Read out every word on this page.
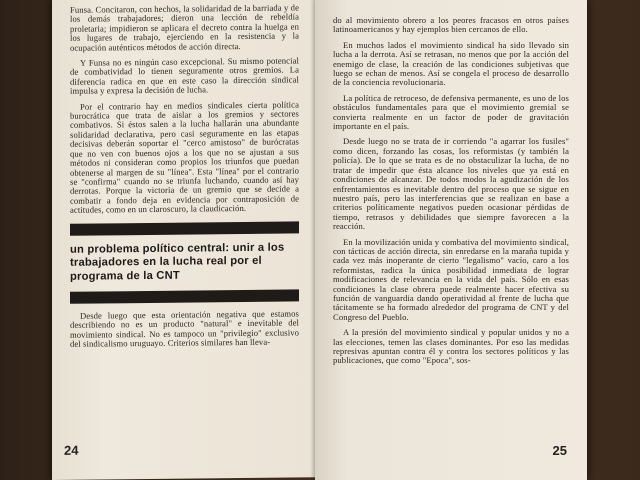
Funsa. Concitaron, con hechos, la solidaridad de la barriada y de los demás trabajadores; dieron una lección de rebeldía proletaria; impidieron se aplicara el decreto contra la huelga en los lugares de trabajo, ejerciendo en la resistencia y la ocupación auténticos métodos de acción directa.

Y Funsa no es ningún caso excepcional. Su mismo potencial de combatividad lo tienen seguramente otros gremios. La diferencia radica en que en este caso la dirección sindical impulsa y expresa la decisión de lucha.

Por el contrario hay en medios sindicales cierta política burocrática que trata de aislar a los gremios y sectores combativos. Si éstos salen a la lucha hallarán una abundante solidaridad declarativa, pero casi seguramente en las etapas decisivas deberán soportar el "cerco amistoso" de burócratas que no ven con buenos ojos a los que no se ajustan a sus métodos ni consideran como propios los triunfos que puedan obtenerse al margen de su "línea". Esta "línea" por el contrario se "confirma" cuando no se triunfa luchando, cuando así hay derrotas. Porque la victoria de un gremio que se decide a combatir a fondo deja en evidencia por contraposición de actitudes, como en un claroscuro, la claudicación.

un problema político central: unir a los trabajadores en la lucha real por el programa de la CNT

Desde luego que esta orientación negativa que estamos describiendo no es un producto "natural" e inevitable del movimiento sindical. No es tampoco un "privilegio" exclusivo del sindicalismo uruguayo. Criterios similares han lleva-

24

do al movimiento obrero a los peores fracasos en otros países latinoamericanos y hay ejemplos bien cercanos de ello.

En muchos lados el movimiento sindical ha sido llevado sin lucha a la derrota. Así se retrasan, no menos que por la acción del enemigo de clase, la creación de las condiciones subjetivas que luego se echan de menos. Así se congela el proceso de desarrollo de la conciencia revolucionaria.

La política de retroceso, de defensiva permanente, es uno de los obstáculos fundamentales para que el movimiento gremial se convierta realmente en un factor de poder de gravitación importante en el país.

Desde luego no se trata de ir corriendo "a agarrar los fusiles" como dicen, forzando las cosas, los reformistas (y también la policía). De lo que se trata es de no obstaculizar la lucha, de no tratar de impedir que ésta alcance los niveles que ya está en condiciones de alcanzar. De todos modos la agudización de los enfrentamientos es inevitable dentro del proceso que se sigue en nuestro país, pero las interferencias que se realizan en base a criterios políticamente negativos pueden ocasionar pérdidas de tiempo, retrasos y debilidades que siempre favorecen a la reacción.

En la movilización unida y combativa del movimiento sindical, con tácticas de acción directa, sin enredarse en la maraña tupida y cada vez más inoperante de cierto "legalismo" vacío, caro a los reformistas, radica la única posibilidad inmediata de lograr modificaciones de relevancia en la vida del país. Sólo en esas condiciones la clase obrera puede realmente hacer efectiva su función de vanguardia dando operatividad al frente de lucha que tácitamente se ha formado alrededor del programa de CNT y del Congreso del Pueblo.

A la presión del movimiento sindical y popular unidos y no a las elecciones, temen las clases dominantes. Por eso las medidas represivas apuntan contra él y contra los sectores políticos y las publicaciones, que como "Epoca", sos-

25
